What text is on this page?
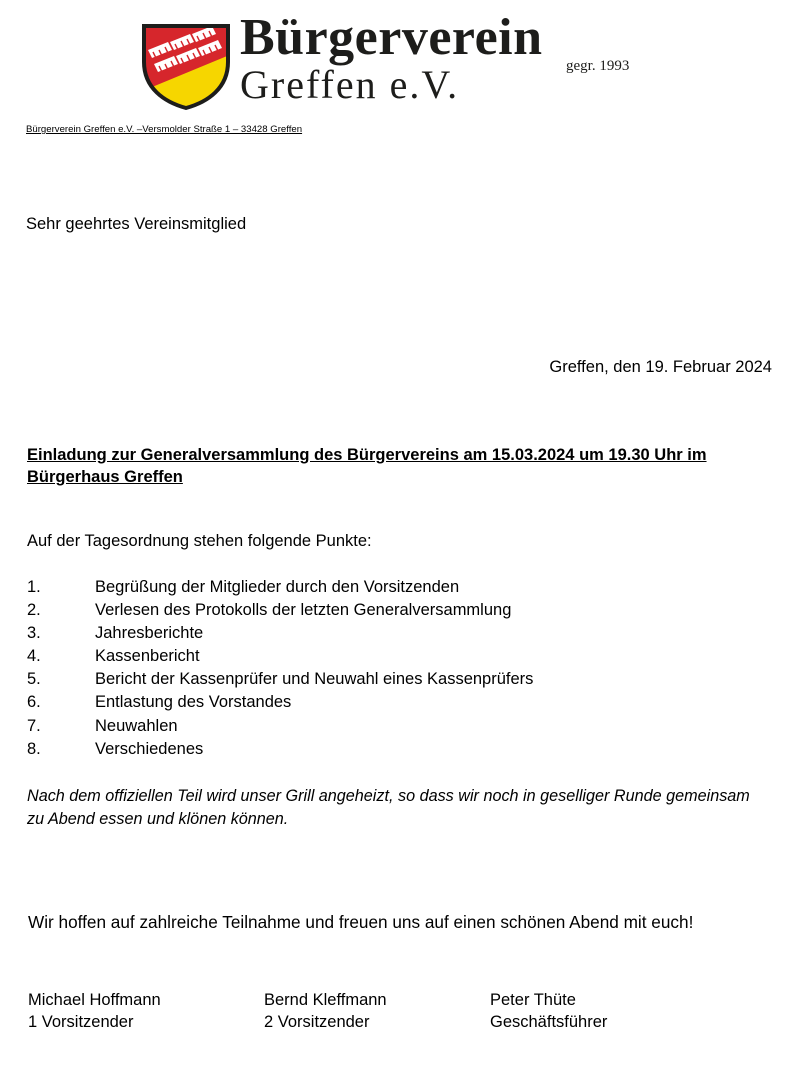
Bürgerverein
Greffen e.V.	gegr. 1993
Bürgerverein Greffen e.V. –Versmolder Straße 1 – 33428 Greffen
Sehr geehrtes Vereinsmitglied
Greffen, den 19. Februar 2024
Einladung zur Generalversammlung des Bürgervereins am 15.03.2024 um 19.30 Uhr im Bürgerhaus Greffen
Auf der Tagesordnung stehen folgende Punkte:
1.	Begrüßung der Mitglieder durch den Vorsitzenden
2.	Verlesen des Protokolls der letzten Generalversammlung
3.	Jahresberichte
4.	Kassenbericht
5.	Bericht der Kassenprüfer und Neuwahl eines Kassenprüfers
6.	Entlastung des Vorstandes
7.	Neuwahlen
8.	Verschiedenes
Nach dem offiziellen Teil wird unser Grill angeheizt, so dass wir noch in geselliger Runde gemeinsam zu Abend essen und klönen können.
Wir hoffen auf zahlreiche Teilnahme und freuen uns auf einen schönen Abend mit euch!
Michael Hoffmann
1 Vorsitzender
Bernd Kleffmann
2 Vorsitzender
Peter Thüte
Geschäftsführer
